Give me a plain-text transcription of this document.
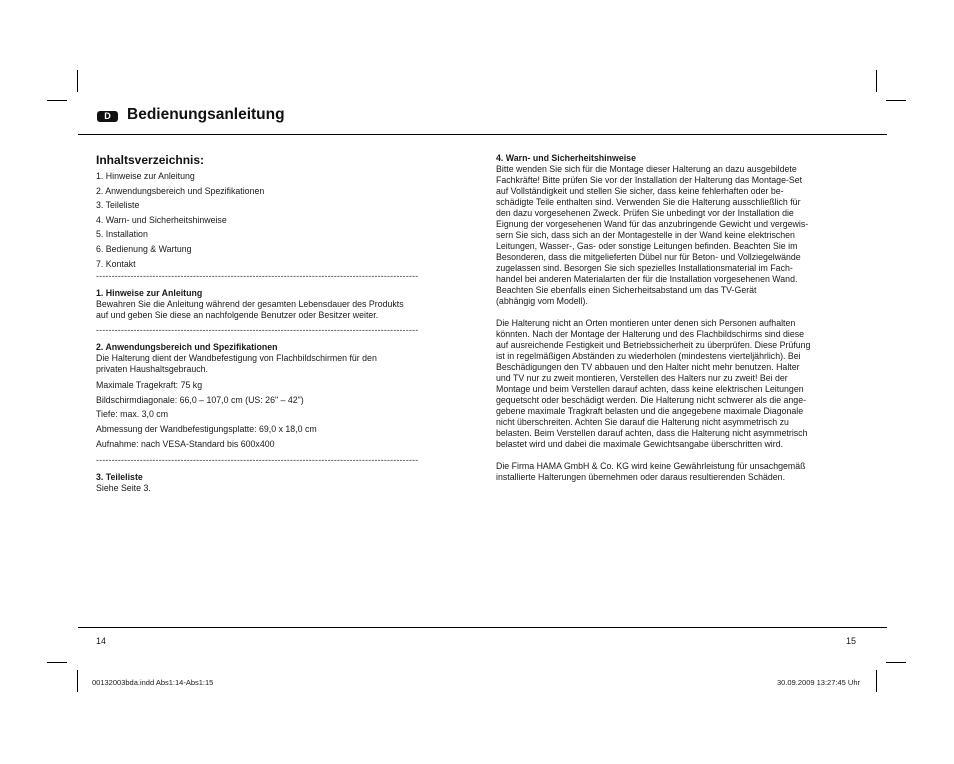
D	Bedienungsanleitung
Inhaltsverzeichnis:
1. Hinweise zur Anleitung
2. Anwendungsbereich und Spezifikationen
3. Teileliste
4. Warn- und Sicherheitshinweise
5. Installation
6. Bedienung & Wartung
7. Kontakt
-------------------------------------------------------------------------------------------------------
1. Hinweise zur Anleitung
Bewahren Sie die Anleitung während der gesamten Lebensdauer des Produkts
auf und geben Sie diese an nachfolgende Benutzer oder Besitzer weiter.
-------------------------------------------------------------------------------------------------------
2. Anwendungsbereich und Spezifikationen
Die Halterung dient der Wandbefestigung von Flachbildschirmen für den
privaten Haushaltsgebrauch.
Maximale Tragekraft: 75 kg
Bildschirmdiagonale: 66,0 – 107,0 cm (US: 26" – 42")
Tiefe: max. 3,0 cm
Abmessung der Wandbefestigungsplatte: 69,0 x 18,0 cm
Aufnahme: nach VESA-Standard bis 600x400
-------------------------------------------------------------------------------------------------------
3. Teileliste
Siehe Seite 3.
4. Warn- und Sicherheitshinweise
Bitte wenden Sie sich für die Montage dieser Halterung an dazu ausgebildete
Fachkräfte! Bitte prüfen Sie vor der Installation der Halterung das Montage-Set
auf Vollständigkeit und stellen Sie sicher, dass keine fehlerhaften oder be-
schädigte Teile enthalten sind. Verwenden Sie die Halterung ausschließlich für
den dazu vorgesehenen Zweck. Prüfen Sie unbedingt vor der Installation die
Eignung der vorgesehenen Wand für das anzubringende Gewicht und vergewis-
sern Sie sich, dass sich an der Montagestelle in der Wand keine elektrischen
Leitungen, Wasser-, Gas- oder sonstige Leitungen befinden. Beachten Sie im
Besonderen, dass die mitgelieferten Dübel nur für Beton- und Vollziegelwände
zugelassen sind. Besorgen Sie sich spezielles Installationsmaterial im Fach-
handel bei anderen Materialarten der für die Installation vorgesehenen Wand.
Beachten Sie ebenfalls einen Sicherheitsabstand um das TV-Gerät
(abhängig vom Modell).
Die Halterung nicht an Orten montieren unter denen sich Personen aufhalten
könnten. Nach der Montage der Halterung und des Flachbildschirms sind diese
auf ausreichende Festigkeit und Betriebssicherheit zu überprüfen. Diese Prüfung
ist in regelmäßigen Abständen zu wiederholen (mindestens vierteljährlich). Bei
Beschädigungen den TV abbauen und den Halter nicht mehr benutzen. Halter
und TV nur zu zweit montieren, Verstellen des Halters nur zu zweit! Bei der
Montage und beim Verstellen darauf achten, dass keine elektrischen Leitungen
gequetscht oder beschädigt werden. Die Halterung nicht schwerer als die ange-
gebene maximale Tragkraft belasten und die angegebene maximale Diagonale
nicht überschreiten. Achten Sie darauf die Halterung nicht asymmetrisch zu
belasten. Beim Verstellen darauf achten, dass die Halterung nicht asymmetrisch
belastet wird und dabei die maximale Gewichtsangabe überschritten wird.
Die Firma HAMA GmbH & Co. KG wird keine Gewährleistung für unsachgemäß
installierte Halterungen übernehmen oder daraus resultierenden Schäden.
14	15
00132003bda.indd Abs1:14-Abs1:15	30.09.2009 13:27:45 Uhr
